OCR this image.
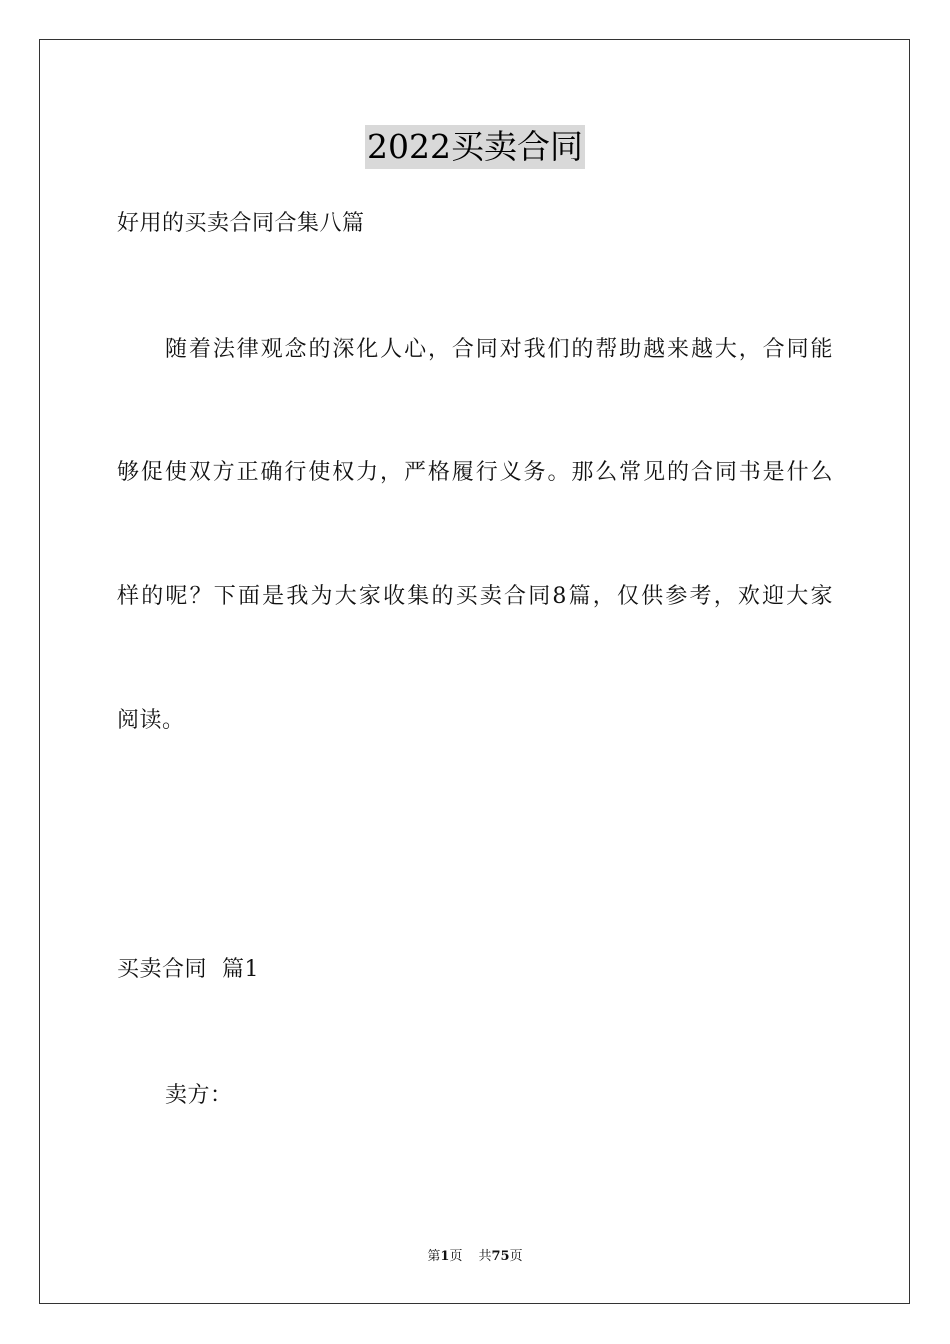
2022买卖合同
好用的买卖合同合集八篇
随着法律观念的深化人心，合同对我们的帮助越来越大，合同能
够促使双方正确行使权力，严格履行义务。那么常见的合同书是什么
样的呢？下面是我为大家收集的买卖合同8篇，仅供参考，欢迎大家
阅读。
买卖合同  篇1
卖方：
第1页 共75页
